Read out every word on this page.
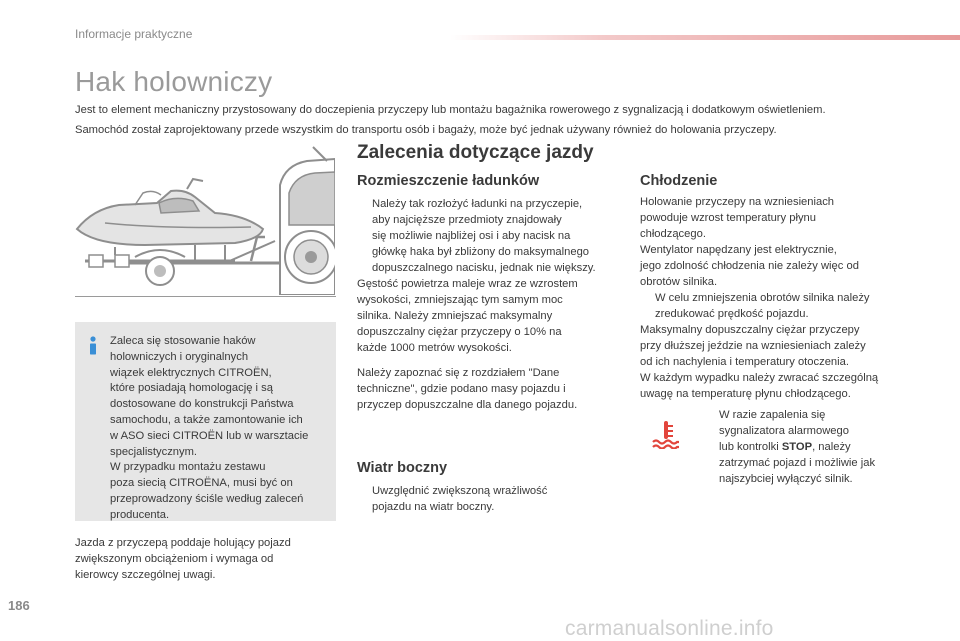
Informacje praktyczne
Hak holowniczy
Jest to element mechaniczny przystosowany do doczepienia przyczepy lub montażu bagażnika rowerowego z sygnalizacją i dodatkowym oświetleniem.
Samochód został zaprojektowany przede wszystkim do transportu osób i bagaży, może być jednak używany również do holowania przyczepy.

Zaleca się stosowanie haków

holowniczych i oryginalnych

wiązek elektrycznych CITROËN,

które posiadają homologację i są

dostosowane do konstrukcji Państwa

samochodu, a także zamontowanie ich

w ASO sieci CITROËN lub w warsztacie

specjalistycznym.

W przypadku montażu zestawu

poza siecią CITROËNA, musi być on

przeprowadzony ściśle według zaleceń

producenta.

Jazda z przyczepą poddaje holujący pojazd

zwiększonym obciążeniom i wymaga od

kierowcy szczególnej uwagi.

Zalecenia dotyczące jazdy
Rozmieszczenie ładunków

Należy tak rozłożyć ładunki na przyczepie,

aby najcięższe przedmioty znajdowały

się możliwie najbliżej osi i aby nacisk na

główkę haka był zbliżony do maksymalnego

dopuszczalnego nacisku, jednak nie większy.

Gęstość powietrza maleje wraz ze wzrostem

wysokości, zmniejszając tym samym moc

silnika. Należy zmniejszać maksymalny

dopuszczalny ciężar przyczepy o 10% na

każde 1000 metrów wysokości.

Należy zapoznać się z rozdziałem "Dane

techniczne", gdzie podano masy pojazdu i

przyczep dopuszczalne dla danego pojazdu.

Wiatr boczny

Uwzględnić zwiększoną wrażliwość

pojazdu na wiatr boczny.

Chłodzenie

Holowanie przyczepy na wzniesieniach

powoduje wzrost temperatury płynu

chłodzącego.

Wentylator napędzany jest elektrycznie,

jego zdolność chłodzenia nie zależy więc od

obrotów silnika.

W celu zmniejszenia obrotów silnika należy

zredukować prędkość pojazdu.

Maksymalny dopuszczalny ciężar przyczepy

przy dłuższej jeździe na wzniesieniach zależy

od ich nachylenia i temperatury otoczenia.

W każdym wypadku należy zwracać szczególną

uwagę na temperaturę płynu chłodzącego.

W razie zapalenia się

sygnalizatora alarmowego

lub kontrolki STOP, należy

zatrzymać pojazd i możliwie jak

najszybciej wyłączyć silnik.

186
carmanualsonline.info
